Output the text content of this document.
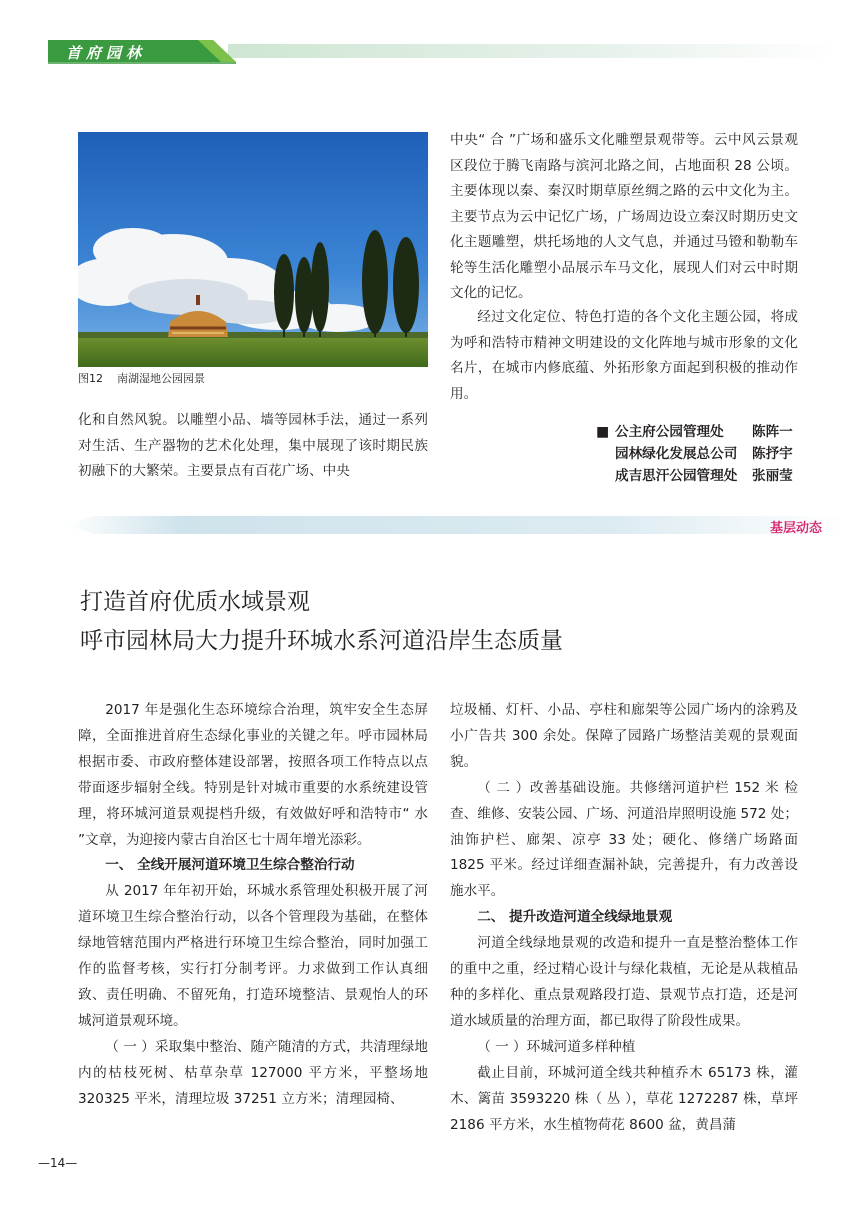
首府园林
图12 南湖湿地公园园景
化和自然风貌。以雕塑小品、墙等园林手法，通过一系列对生活、生产器物的艺术化处理，集中展现了该时期民族初融下的大繁荣。主要景点有百花广场、中央
中央“ 合 ”广场和盛乐文化雕塑景观带等。云中风云景观区段位于腾飞南路与滨河北路之间，占地面积 28 公顷。主要体现以秦、秦汉时期草原丝绸之路的云中文化为主。主要节点为云中记忆广场，广场周边设立秦汉时期历史文化主题雕塑，烘托场地的人文气息，并通过马镫和勒勒车轮等生活化雕塑小品展示车马文化，展现人们对云中时期文化的记忆。
经过文化定位、特色打造的各个文化主题公园，将成为呼和浩特市精神文明建设的文化阵地与城市形象的文化名片，在城市内修底蕴、外拓形象方面起到积极的推动作用。
■ 公主府公园管理处	陈阵一
园林绿化发展总公司	陈抒宇
成吉思汗公园管理处	张丽莹
基层动态
打造首府优质水域景观
呼市园林局大力提升环城水系河道沿岸生态质量

2017 年是强化生态环境综合治理，筑牢安全生态屏障，全面推进首府生态绿化事业的关键之年。呼市园林局根据市委、市政府整体建设部署，按照各项工作特点以点带面逐步辐射全线。特别是针对城市重要的水系统建设管理，将环城河道景观提档升级，有效做好呼和浩特市“ 水 ”文章，为迎接内蒙古自治区七十周年增光添彩。

一、 全线开展河道环境卫生综合整治行动

从 2017 年年初开始，环城水系管理处积极开展了河道环境卫生综合整治行动，以各个管理段为基础，在整体绿地管辖范围内严格进行环境卫生综合整治，同时加强工作的监督考核，实行打分制考评。力求做到工作认真细致、责任明确、不留死角，打造环境整洁、景观怡人的环城河道景观环境。

（ 一 ）采取集中整治、随产随清的方式，共清理绿地内的枯枝死树、枯草杂草 127000 平方米，平整场地 320325 平米，清理垃圾 37251 立方米；清理园椅、

垃圾桶、灯杆、小品、亭柱和廊架等公园广场内的涂鸦及小广告共 300 余处。保障了园路广场整洁美观的景观面貌。

（ 二 ）改善基础设施。共修缮河道护栏 152 米 检查、维修、安装公园、广场、河道沿岸照明设施 572 处；油饰护栏、廊架、凉亭 33 处；硬化、修缮广场路面 1825 平米。经过详细查漏补缺，完善提升，有力改善设施水平。

二、 提升改造河道全线绿地景观

河道全线绿地景观的改造和提升一直是整治整体工作的重中之重，经过精心设计与绿化栽植，无论是从栽植品种的多样化、重点景观路段打造、景观节点打造，还是河道水域质量的治理方面，都已取得了阶段性成果。

（ 一 ）环城河道多样种植

截止目前，环城河道全线共种植乔木 65173 株，灌木、篱苗 3593220 株（ 丛 ），草花 1272287 株，草坪 2186 平方米，水生植物荷花 8600 盆，黄昌蒲

—14—
